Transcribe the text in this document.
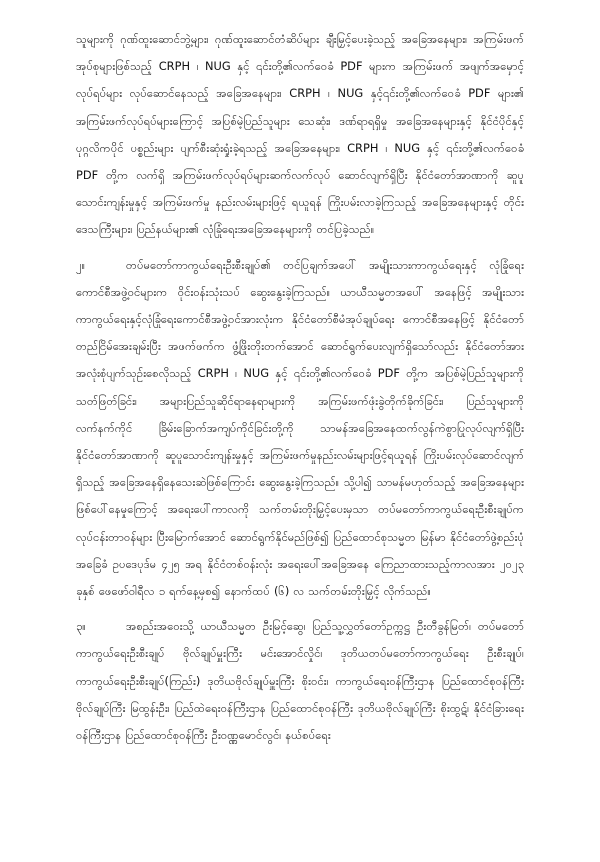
သူများကို ဂုဏ်ထူးဆောင်ဘွဲ့များ၊ ဂုဏ်ထူးဆောင်တံဆိပ်များ ချီးမြှင့်ပေးခဲ့သည့် အခြေအနေများ၊ အကြမ်းဖက်အုပ်စုများဖြစ်သည့် CRPH ၊ NUG နှင့် ၎င်းတို့၏လက်ဝေခံ PDF များက အကြမ်းဖက် အဖျက်အမှောင့် လုပ်ရပ်များ လုပ်ဆောင်နေသည့် အခြေအနေများ၊ CRPH ၊ NUG နှင့်၎င်းတို့၏လက်ဝေခံ PDF များ၏ အကြမ်းဖက်လုပ်ရပ်များကြောင့် အပြစ်မဲ့ပြည်သူများ သေဆုံး၊ ဒဏ်ရာရရှိမှု အခြေအနေများနှင့် နိုင်ငံပိုင်နှင့် ပုဂ္ဂလိကပိုင် ပစ္စည်းများ ပျက်စီးဆုံးရှုံးခဲ့ရသည့် အခြေအနေများ၊ CRPH ၊ NUG နှင့် ၎င်းတို့၏လက်ဝေခံ PDF တို့က လက်ရှိ အကြမ်းဖက်လုပ်ရပ်များဆက်လက်လုပ် ဆောင်လျက်ရှိပြီး နိုင်ငံတော်အာဏာကို ဆူပူသောင်းကျန်းမှုနှင့် အကြမ်းဖက်မှု နည်းလမ်းများဖြင့် ရယူရန် ကြိုးပမ်းလာခဲ့ကြသည့် အခြေအနေများနှင့် တိုင်းဒေသကြီးများ၊ ပြည်နယ်များ၏ လုံခြုံရေးအခြေအနေများကို တင်ပြခဲ့သည်။

၂။	တပ်မတော်ကာကွယ်ရေးဦးစီးချုပ်၏ တင်ပြချက်အပေါ် အမျိုးသားကာကွယ်ရေးနှင့် လုံခြုံရေးကောင်စီအဖွဲ့ဝင်များက ဝိုင်းဝန်းသုံးသပ် ဆွေးနွေးခဲ့ကြသည်။ ယာယီသမ္မတအပေါ် အနေဖြင့် အမျိုးသားကာကွယ်ရေးနှင့်လုံခြုံရေးကောင်စီအဖွဲ့ဝင်အားလုံးက နိုင်ငံတော်စီမံအုပ်ချုပ်ရေး ကောင်စီအနေဖြင့် နိုင်ငံတော်တည်ငြိမ်အေးချမ်းပြီး အဖက်ဖက်က ဖွံ့ဖြိုးတိုးတက်အောင် ဆောင်ရွက်ပေးလျက်ရှိသော်လည်း နိုင်ငံတော်အား အလုံးစုံပျက်သုဉ်းစေလိုသည့် CRPH ၊ NUG နှင့် ၎င်းတို့၏လက်ဝေခံ PDF တို့က အပြစ်မဲ့ပြည်သူများကို သတ်ဖြတ်ခြင်း၊ အများပြည်သူဆိုင်ရာနေရာများကို အကြမ်းဖက်ဖုံးခွဲတိုက်ခိုက်ခြင်း၊ ပြည်သူများကို လက်နက်ကိုင် ခြိမ်းခြောက်အကျပ်ကိုင်ခြင်းတို့ကို သာမန်အခြေအနေထက်လွန်ကဲစွာပြုလုပ်လျက်ရှိပြီး နိုင်ငံတော်အာဏာကို ဆူပူသောင်းကျန်းမှုနှင့် အကြမ်းဖက်မှုနည်းလမ်းများဖြင့်ရယူရန် ကြိုးပမ်းလုပ်ဆောင်လျက်ရှိသည့် အခြေအနေရှိနေသေးဆဲဖြစ်ကြောင်း ဆွေးနွေးခဲ့ကြသည်။ သို့ပါ၍ သာမန်မဟုတ်သည့် အခြေအနေများဖြစ်ပေါ်နေမှုကြောင့် အရေးပေါ်ကာလကို သက်တမ်းတိုးမြှင့်ပေးမှသာ တပ်မတော်ကာကွယ်ရေးဦးစီးချုပ်က လုပ်ငန်းတာဝန်များ ပြီးမြောက်အောင် ဆောင်ရွက်နိုင်မည်ဖြစ်၍ ပြည်ထောင်စုသမ္မတ မြန်မာ နိုင်ငံတော်ဖွဲ့စည်းပုံအခြေခံ ဥပဒေပုဒ်မ ၄၂၅ အရ နိုင်ငံတစ်ဝန်းလုံး အရေးပေါ်အခြေအနေ ကြေညာထားသည့်ကာလအား ၂၀၂၃ ခုနှစ် ဖေဖော်ဝါရီလ ၁ ရက်နေ့မှစ၍ နောက်ထပ် (၆) လ သက်တမ်းတိုးမြှင့် လိုက်သည်။

၃။	အစည်းအဝေးသို့ ယာယီသမ္မတ ဦးမြင့်ဆွေ၊ ပြည်သူ့လွှတ်တော်ဥက္ကဋ္ဌ ဦးတီခွန်မြတ်၊ တပ်မတော်ကာကွယ်ရေးဦးစီးချုပ် ဗိုလ်ချုပ်မှူးကြီး မင်းအောင်လှိုင်၊ ဒုတိယတပ်မတော်ကာကွယ်ရေး ဦးစီးချုပ်၊ ကာကွယ်ရေးဦးစီးချုပ်(ကြည်း) ဒုတိယဗိုလ်ချုပ်မှူးကြီး စိုးဝင်း၊ ကာကွယ်ရေးဝန်ကြီးဌာန ပြည်ထောင်စုဝန်ကြီး ဗိုလ်ချုပ်ကြီး မြထွန်းဦး၊ ပြည်ထဲရေးဝန်ကြီးဌာန ပြည်ထောင်စုဝန်ကြီး ဒုတိယဗိုလ်ချုပ်ကြီး စိုးထွဋ်၊ နိုင်ငံခြားရေးဝန်ကြီးဌာန ပြည်ထောင်စုဝန်ကြီး ဦးဝဏ္ဏမောင်လွင်၊ နယ်စပ်ရေး
